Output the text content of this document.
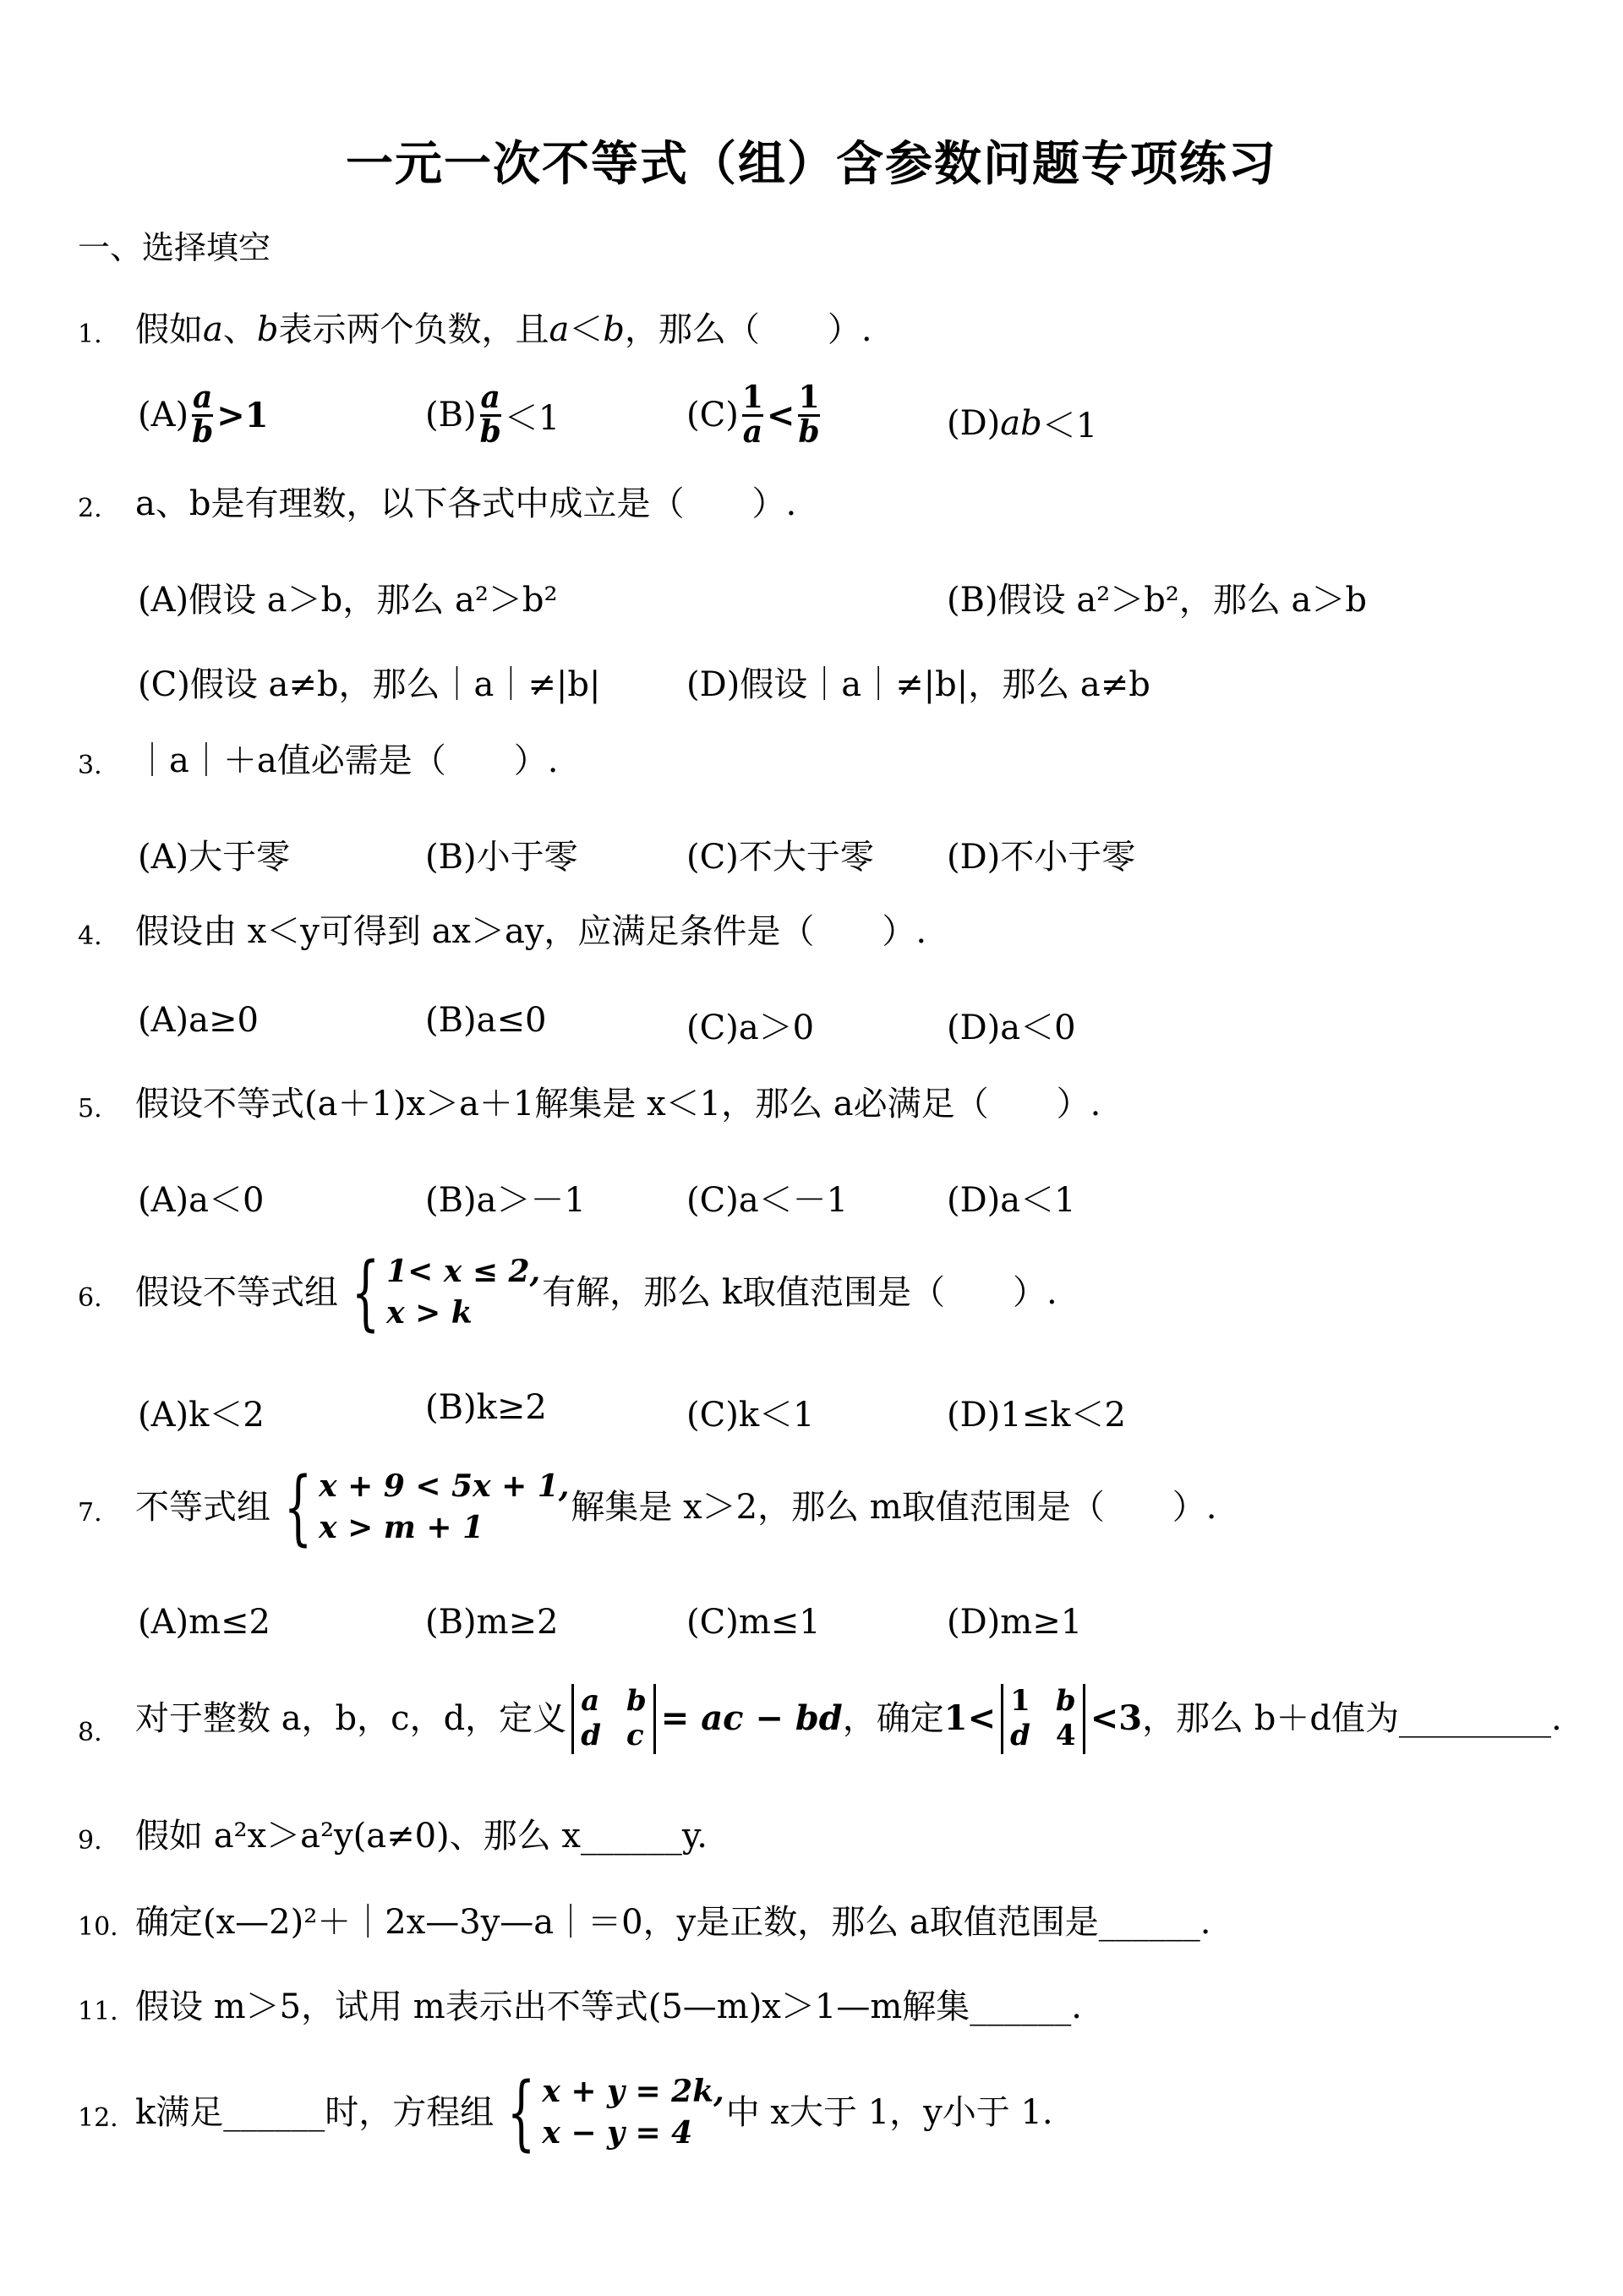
一元一次不等式（组）含参数问题专项练习
一、选择填空
1. 假如 a 、 b 表示两个负数，且 a ＜ b ，那么（　　）.
$(A) \frac{a}{b} >1$	$(B) \frac{a}{b} <1$	$(C) \frac{1}{a} < \frac{1}{b}$	(D) ab ＜1
2. a、b是有理数，以下各式中成立是（　　）.
(A)假设 a＞b，那么 a²＞b²	(B)假设 a²＞b²，那么 a＞b
(C)假设 a≠b，那么｜a｜≠|b|	(D)假设｜a｜≠|b|，那么 a≠b
3. ｜a｜＋a值必需是（　　）.
(A)大于零	(B)小于零	(C)不大于零 (D)不小于零
4. 假设由 x＜y可得到 ax＞ay，应满足条件是（　　）.
(A)a≥0	(B)a≤0	(C)a＞0	(D)a＜0
5. 假设不等式(a＋1)x＞a＋1解集是 x＜1，那么 a必满足（　　）.
(A)a＜0	(B)a＞－1	(C)a＜－1	(D)a＜1
6. 假设不等式组 { 1< x ≤ 2,
x > k
有解，那么 k取值范围是（　　）.
(A)k＜2	(B)k≥2	(C)k＜1	(D)1≤k＜2
7. 不等式组 { x + 9 < 5x + 1,
x > m + 1
解集是 x＞2，那么 m取值范围是（　　）.
(A)m≤2	(B)m≥2	(C)m≤1	(D)m≥1
8. 对于整数 a，b，c，d，定义 a b
d c = ac − bd ，确定 1< 1 b
d 4 <3 ，那么 b＋d值为_________.
9. 假如 a²x＞a²y(a≠0)、那么 x______y.
10. 确定(x—2)²＋｜2x—3y—a｜＝0，y是正数，那么 a取值范围是______.
11. 假设 m＞5，试用 m表示出不等式(5—m)x＞1—m解集______.
12. k满足______时，方程组 { x + y = 2k,
x − y = 4
中 x大于 1，y小于 1.
